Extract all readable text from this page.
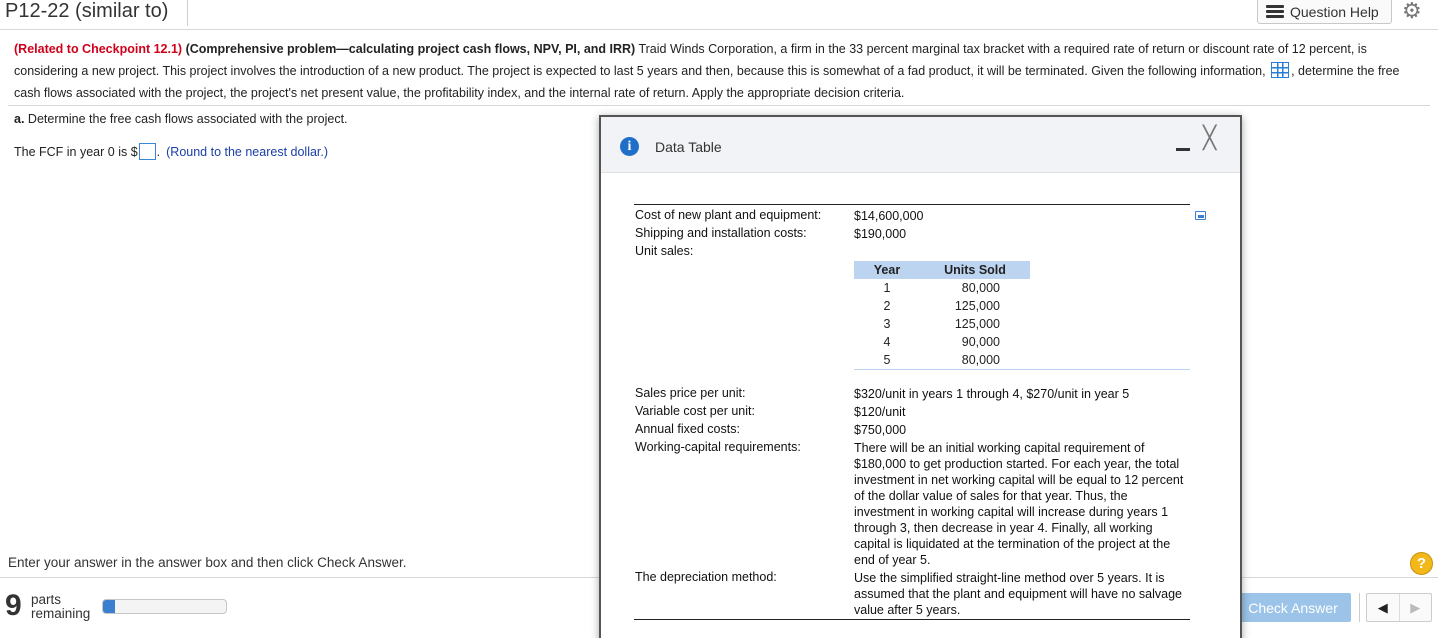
P12-22 (similar to)	Question Help ⚙
(Related to Checkpoint 12.1) (Comprehensive problem—calculating project cash flows, NPV, PI, and IRR) Traid Winds Corporation, a firm in the 33 percent marginal tax bracket with a required rate of return or discount rate of 12 percent, is considering a new project. This project involves the introduction of a new product. The project is expected to last 5 years and then, because this is somewhat of a fad product, it will be terminated. Given the following information, , determine the free cash flows associated with the project, the project's net present value, the profitability index, and the internal rate of return. Apply the appropriate decision criteria.
a. Determine the free cash flows associated with the project.
The FCF in year 0 is $ . (Round to the nearest dollar.)
Enter your answer in the answer box and then click Check Answer.	?
9 parts
remaining	Check Answer	◀	▶
i	Data Table	╳
Cost of new plant and equipment:	$14,600,000
Shipping and installation costs:	$190,000
Unit sales:
Year	Units Sold
1	80,000
2	125,000
3	125,000
4	90,000
5	80,000
Sales price per unit:	$320/unit in years 1 through 4, $270/unit in year 5
Variable cost per unit:	$120/unit
Annual fixed costs:	$750,000
Working-capital requirements:	There will be an initial working capital requirement of $180,000 to get production started. For each year, the total investment in net working capital will be equal to 12 percent of the dollar value of sales for that year. Thus, the investment in working capital will increase during years 1 through 3, then decrease in year 4. Finally, all working capital is liquidated at the termination of the project at the end of year 5.
The depreciation method:	Use the simplified straight-line method over 5 years. It is assumed that the plant and equipment will have no salvage value after 5 years.
